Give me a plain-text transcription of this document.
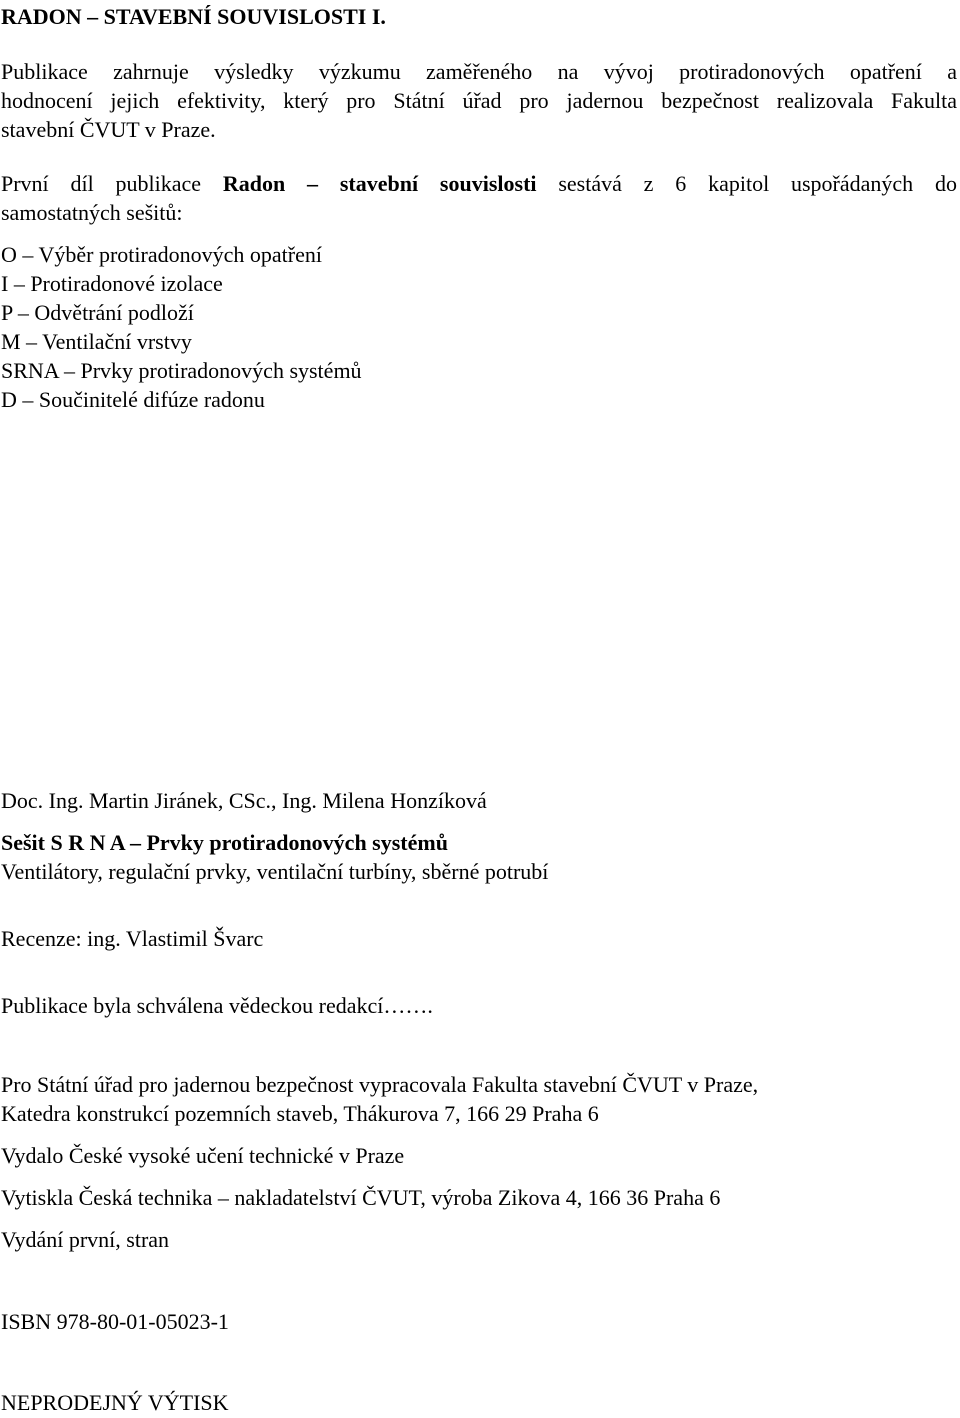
RADON – STAVEBNÍ SOUVISLOSTI I.

Publikace zahrnuje výsledky výzkumu zaměřeného na vývoj protiradonových opatření a
hodnocení jejich efektivity, který pro Státní úřad pro jadernou bezpečnost realizovala Fakulta
stavební ČVUT v Praze.
První díl publikace Radon – stavební souvislosti sestává z 6 kapitol uspořádaných do
samostatných sešitů:
O – Výběr protiradonových opatření
I – Protiradonové izolace
P – Odvětrání podloží
M – Ventilační vrstvy
SRNA – Prvky protiradonových systémů
D – Součinitelé difúze radonu

Doc. Ing. Martin Jiránek, CSc., Ing. Milena Honzíková

Sešit S R N A – Prvky protiradonových systémů

Ventilátory, regulační prvky, ventilační turbíny, sběrné potrubí

Recenze: ing. Vlastimil Švarc

Publikace byla schválena vědeckou redakcí…….

Pro Státní úřad pro jadernou bezpečnost vypracovala Fakulta stavební ČVUT v Praze,

Katedra konstrukcí pozemních staveb, Thákurova 7, 166 29 Praha 6

Vydalo České vysoké učení technické v Praze

Vytiskla Česká technika – nakladatelství ČVUT, výroba Zikova 4, 166 36 Praha 6

Vydání první, stran

ISBN 978-80-01-05023-1

NEPRODEJNÝ VÝTISK
